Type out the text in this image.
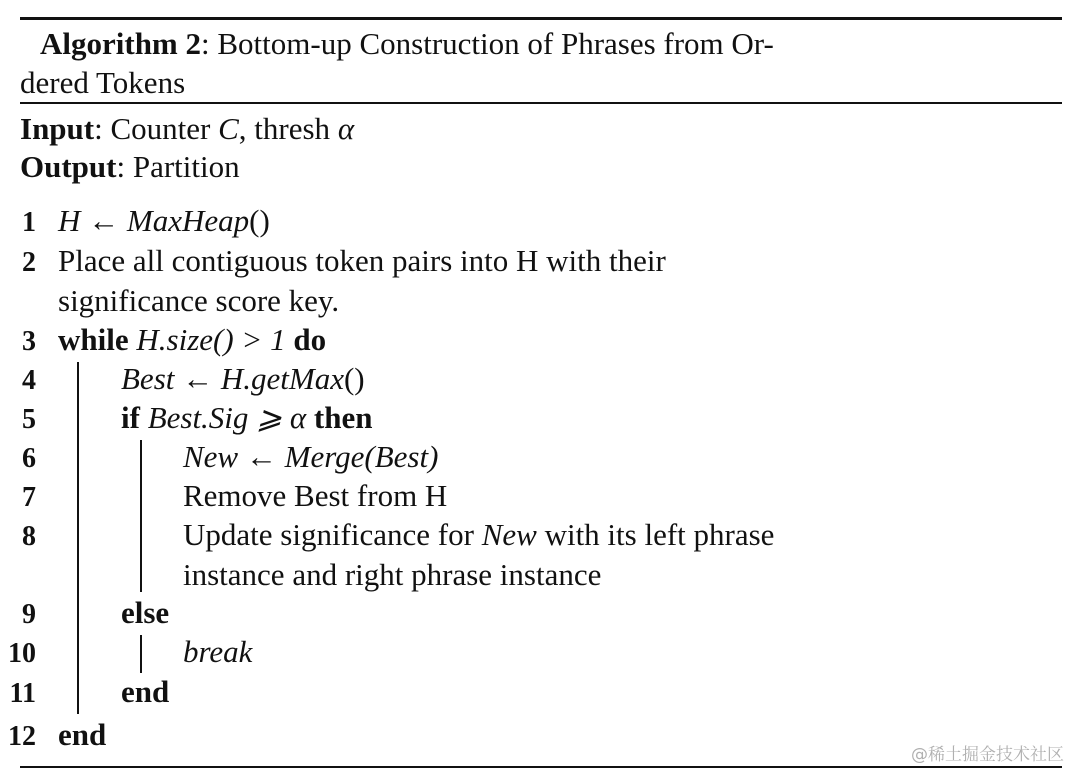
Algorithm 2: Bottom-up Construction of Phrases from Or-
dered Tokens
Input: Counter C, thresh α
Output: Partition
1 H ← MaxHeap()
2 Place all contiguous token pairs into H with their
significance score key.
3 while H.size() > 1 do
4	Best ← H.getMax()
5	if Best.Sig ⩾ α then
6	New ← Merge(Best)
7	Remove Best from H
8	Update significance for New with its left phrase
instance and right phrase instance
9	else
10	break
11	end
12 end
@稀土掘金技术社区
